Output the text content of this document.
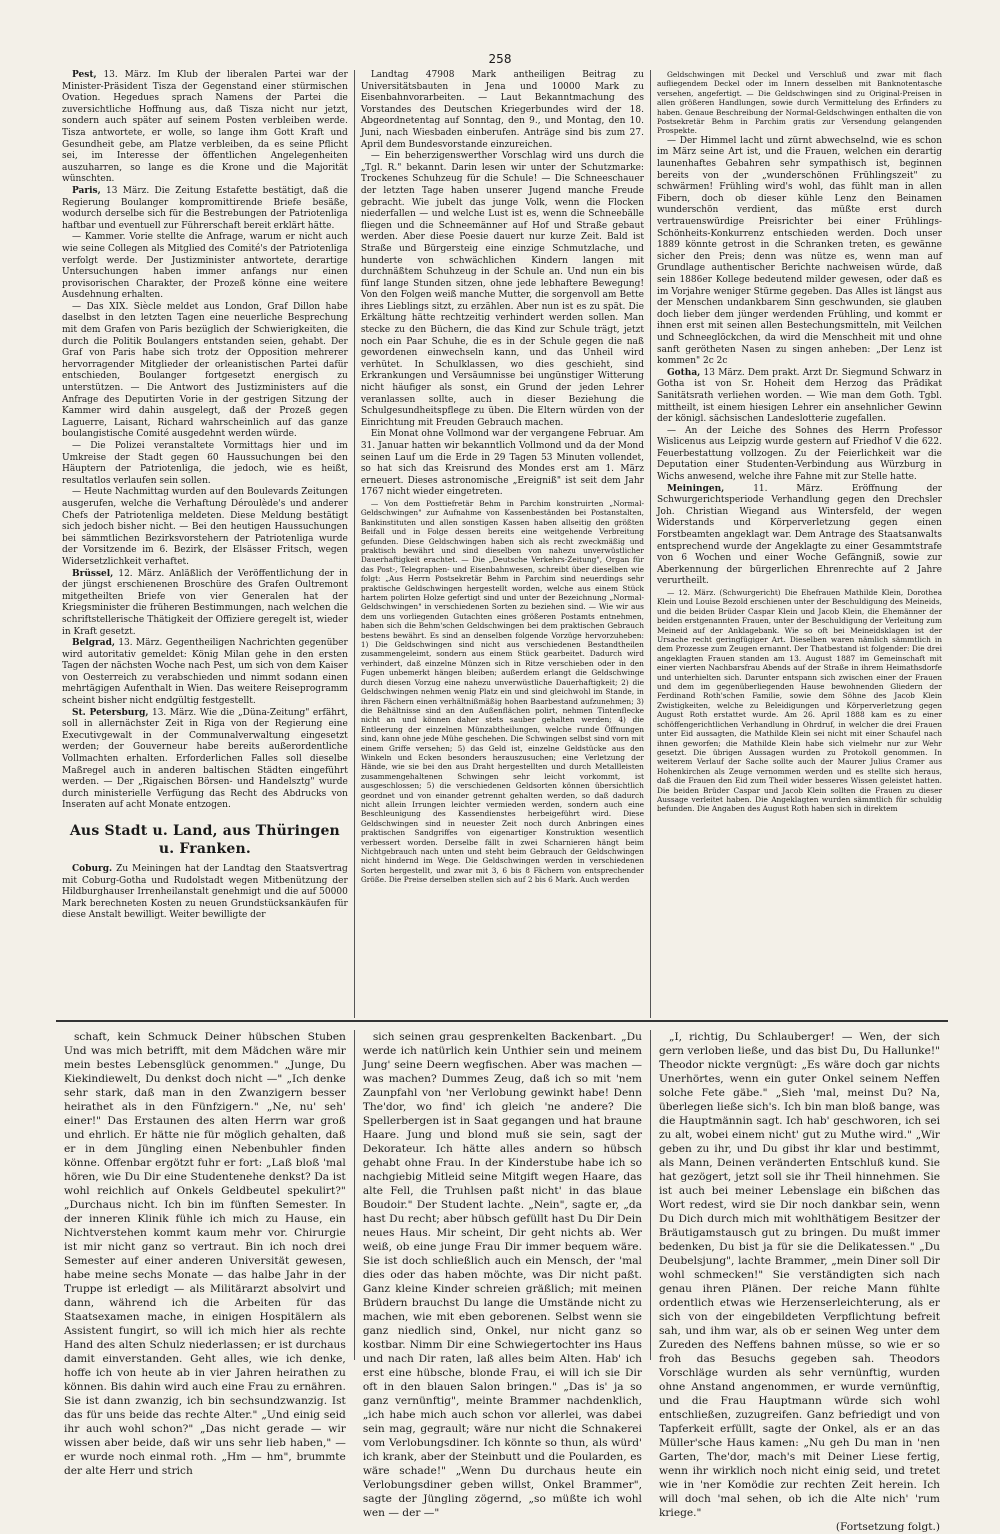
258

Pest, 13. März. Im Klub der liberalen Partei war der Minister-Präsident Tisza der Gegenstand einer stürmischen Ovation. Hegedues sprach Namens der Partei die zuversichtliche Hoffnung aus, daß Tisza nicht nur jetzt, sondern auch später auf seinem Posten verbleiben werde. Tisza antwortete, er wolle, so lange ihm Gott Kraft und Gesundheit gebe, am Platze verbleiben, da es seine Pflicht sei, im Interesse der öffentlichen Angelegenheiten auszuharren, so lange es die Krone und die Majorität wünschten.

Paris, 13 März. Die Zeitung Estafette bestätigt, daß die Regierung Boulanger kompromittirende Briefe besäße, wodurch derselbe sich für die Bestrebungen der Patriotenliga haftbar und eventuell zur Führerschaft bereit erklärt hätte.

— Kammer. Vorie stellte die Anfrage, warum er nicht auch wie seine Collegen als Mitglied des Comité's der Patriotenliga verfolgt werde. Der Justizminister antwortete, derartige Untersuchungen haben immer anfangs nur einen provisorischen Charakter, der Prozeß könne eine weitere Ausdehnung erhalten.

— Das XIX. Siècle meldet aus London, Graf Dillon habe daselbst in den letzten Tagen eine neuerliche Besprechung mit dem Grafen von Paris bezüglich der Schwierigkeiten, die durch die Politik Boulangers entstanden seien, gehabt. Der Graf von Paris habe sich trotz der Opposition mehrerer hervorragender Mitglieder der orleanistischen Partei dafür entschieden, Boulanger fortgesetzt energisch zu unterstützen. — Die Antwort des Justizministers auf die Anfrage des Deputirten Vorie in der gestrigen Sitzung der Kammer wird dahin ausgelegt, daß der Prozeß gegen Laguerre, Laisant, Richard wahrscheinlich auf das ganze boulangistische Comité ausgedehnt werden würde.

— Die Polizei veranstaltete Vormittags hier und im Umkreise der Stadt gegen 60 Haussuchungen bei den Häuptern der Patriotenliga, die jedoch, wie es heißt, resultatlos verlaufen sein sollen.

— Heute Nachmittag wurden auf den Boulevards Zeitungen ausgerufen, welche die Verhaftung Déroulède's und anderer Chefs der Patriotenliga meldeten. Diese Meldung bestätigt sich jedoch bisher nicht. — Bei den heutigen Haussuchungen bei sämmtlichen Bezirksvorstehern der Patriotenliga wurde der Vorsitzende im 6. Bezirk, der Elsässer Fritsch, wegen Widersetzlichkeit verhaftet.

Brüssel, 12. März. Anläßlich der Veröffentlichung der in der jüngst erschienenen Broschüre des Grafen Oultremont mitgetheilten Briefe von vier Generalen hat der Kriegsminister die früheren Bestimmungen, nach welchen die schriftstellerische Thätigkeit der Offiziere geregelt ist, wieder in Kraft gesetzt.

Belgrad, 13. März. Gegentheiligen Nachrichten gegenüber wird autoritativ gemeldet: König Milan gehe in den ersten Tagen der nächsten Woche nach Pest, um sich von dem Kaiser von Oesterreich zu verabschieden und nimmt sodann einen mehrtägigen Aufenthalt in Wien. Das weitere Reiseprogramm scheint bisher nicht endgültig festgestellt.

St. Petersburg, 13. März. Wie die „Düna-Zeitung" erfährt, soll in allernächster Zeit in Riga von der Regierung eine Executivgewalt in der Communalverwaltung eingesetzt werden; der Gouverneur habe bereits außerordentliche Vollmachten erhalten. Erforderlichen Falles soll dieselbe Maßregel auch in anderen baltischen Städten eingeführt werden. — Der „Rigaischen Börsen- und Handelsztg" wurde durch ministerielle Verfügung das Recht des Abdrucks von Inseraten auf acht Monate entzogen.

Aus Stadt u. Land, aus Thüringen u. Franken.

Coburg. Zu Meiningen hat der Landtag den Staatsvertrag mit Coburg-Gotha und Rudolstadt wegen Mitbenützung der Hildburghauser Irrenheilanstalt genehmigt und die auf 50000 Mark berechneten Kosten zu neuen Grundstücksankäufen für diese Anstalt bewilligt. Weiter bewilligte der

Landtag 47908 Mark antheiligen Beitrag zu Universitätsbauten in Jena und 10000 Mark zu Eisenbahnvorarbeiten. — Laut Bekanntmachung des Vorstandes des Deutschen Kriegerbundes wird der 18. Abgeordnetentag auf Sonntag, den 9., und Montag, den 10. Juni, nach Wiesbaden einberufen. Anträge sind bis zum 27. April dem Bundesvorstande einzureichen.

— Ein beherzigenswerther Vorschlag wird uns durch die „Tgl. R." bekannt. Darin lesen wir unter der Schutzmarke: Trockenes Schuhzeug für die Schule! — Die Schneeschauer der letzten Tage haben unserer Jugend manche Freude gebracht. Wie jubelt das junge Volk, wenn die Flocken niederfallen — und welche Lust ist es, wenn die Schneebälle fliegen und die Schneemänner auf Hof und Straße gebaut werden. Aber diese Poesie dauert nur kurze Zeit. Bald ist Straße und Bürgersteig eine einzige Schmutzlache, und hunderte von schwächlichen Kindern langen mit durchnäßtem Schuhzeug in der Schule an. Und nun ein bis fünf lange Stunden sitzen, ohne jede lebhaftere Bewegung! Von den Folgen weiß manche Mutter, die sorgenvoll am Bette ihres Lieblings sitzt, zu erzählen. Aber nun ist es zu spät. Die Erkältung hätte rechtzeitig verhindert werden sollen. Man stecke zu den Büchern, die das Kind zur Schule trägt, jetzt noch ein Paar Schuhe, die es in der Schule gegen die naß gewordenen einwechseln kann, und das Unheil wird verhütet. In Schulklassen, wo dies geschieht, sind Erkrankungen und Versäumnisse bei ungünstiger Witterung nicht häufiger als sonst, ein Grund der jeden Lehrer veranlassen sollte, auch in dieser Beziehung die Schulgesundheitspflege zu üben. Die Eltern würden von der Einrichtung mit Freuden Gebrauch machen.

Ein Monat ohne Vollmond war der vergangene Februar. Am 31. Januar hatten wir bekanntlich Vollmond und da der Mond seinen Lauf um die Erde in 29 Tagen 53 Minuten vollendet, so hat sich das Kreisrund des Mondes erst am 1. März erneuert. Dieses astronomische „Ereigniß" ist seit dem Jahr 1767 nicht wieder eingetreten.

— Von dem Posttiefretär Behm in Parchim konstruirten „Normal-Geldschwingen" zur Aufnahme von Kassenbeständen bei Postanstalten, Bankinstituten und allen sonstigen Kassen haben allseitig den größten Beifall und in Folge dessen bereits eine weitgehende Verbreitung gefunden. Diese Geldschwingen haben sich als recht zweckmäßig und praktisch bewährt und sind dieselben von nahezu unverwüstlicher Dauerhaftigkeit erachtet. — Die „Deutsche Verkehrs-Zeitung", Organ für das Post-, Telegraphen- und Eisenbahnwesen, schreibt über dieselben wie folgt: „Aus Herrn Postsekretär Behm in Parchim sind neuerdings sehr praktische Geldschwingen hergestellt worden, welche aus einem Stück hartem polirten Holze gefertigt sind und unter der Bezeichnung „Normal-Geldschwingen" in verschiedenen Sorten zu beziehen sind. — Wie wir aus dem uns vorliegenden Gutachten eines größeren Postamts entnehmen, haben sich die Behm'schen Geldschwingen bei dem praktischen Gebrauch bestens bewährt. Es sind an denselben folgende Vorzüge hervorzuheben: 1) Die Geldschwingen sind nicht aus verschiedenen Bestandtheilen zusammengeleimt, sondern aus einem Stück gearbeitet. Dadurch wird verhindert, daß einzelne Münzen sich in Ritze verschieben oder in den Fugen unbemerkt hängen bleiben; außerdem erlangt die Geldschwinge durch diesen Vorzug eine nahezu unverwüstliche Dauerhaftigkeit; 2) die Geldschwingen nehmen wenig Platz ein und sind gleichwohl im Stande, in ihren Fächern einen verhältnißmäßig hohen Baarbestand aufzunehmen; 3) die Behältnisse sind an den Außenflächen polirt, nehmen Tintenflecke nicht an und können daher stets sauber gehalten werden; 4) die Entleerung der einzelnen Münzabtheilungen, welche runde Öffnungen sind, kann ohne jede Mühe geschehen. Die Schwingen selbst sind vorn mit einem Griffe versehen; 5) das Geld ist, einzelne Geldstücke aus den Winkeln und Ecken besonders herauszusuchen; eine Verletzung der Hände, wie sie bei den aus Draht hergestellten und durch Metallleisten zusammengehaltenen Schwingen sehr leicht vorkommt, ist ausgeschlossen; 5) die verschiedenen Geldsorten können übersichtlich geordnet und von einander getrennt gehalten werden, so daß dadurch nicht allein Irrungen leichter vermieden werden, sondern auch eine Beschleunigung des Kassendienstes herbeigeführt wird. Diese Geldschwingen sind in neuester Zeit noch durch Anbringen eines praktischen Sandgriffes von eigenartiger Konstruktion wesentlich verbessert worden. Derselbe fällt in zwei Scharnieren hängt beim Nichtgebrauch nach unten und steht beim Gebrauch der Geldschwingen nicht hindernd im Wege. Die Geldschwingen werden in verschiedenen Sorten hergestellt, und zwar mit 3, 6 bis 8 Fächern von entsprechender Größe. Die Preise derselben stellen sich auf 2 bis 6 Mark. Auch werden

Geldschwingen mit Deckel und Verschluß und zwar mit flach aufliegendem Deckel oder im Innern desselben mit Banknotentasche versehen, angefertigt. — Die Geldschwingen sind zu Original-Preisen in allen größeren Handlungen, sowie durch Vermittelung des Erfinders zu haben. Genaue Beschreibung der Normal-Geldschwingen enthalten die von Postsekretär Behm in Parchim gratis zur Versendung gelangenden Prospekte.

— Der Himmel lacht und zürnt abwechselnd, wie es schon im März seine Art ist, und die Frauen, welchen ein derartig launenhaftes Gebahren sehr sympathisch ist, beginnen bereits von der „wunderschönen Frühlingszeit" zu schwärmen! Frühling wird's wohl, das fühlt man in allen Fibern, doch ob dieser kühle Lenz den Beinamen wunderschön verdient, das müßte erst durch vertrauenswürdige Preisrichter bei einer Frühlings-Schönheits-Konkurrenz entschieden werden. Doch unser 1889 könnte getrost in die Schranken treten, es gewänne sicher den Preis; denn was nütze es, wenn man auf Grundlage authentischer Berichte nachweisen würde, daß sein 1886er Kollege bedeutend milder gewesen, oder daß es im Vorjahre weniger Stürme gegeben. Das Alles ist längst aus der Menschen undankbarem Sinn geschwunden, sie glauben doch lieber dem jünger werdenden Frühling, und kommt er ihnen erst mit seinen allen Bestechungsmitteln, mit Veilchen und Schneeglöckchen, da wird die Menschheit mit und ohne sanft gerötheten Nasen zu singen anheben: „Der Lenz ist kommen" 2c 2c

Gotha, 13 März. Dem prakt. Arzt Dr. Siegmund Schwarz in Gotha ist von Sr. Hoheit dem Herzog das Prädikat Sanitätsrath verliehen worden. — Wie man dem Goth. Tgbl. mittheilt, ist einem hiesigen Lehrer ein ansehnlicher Gewinn der königl. sächsischen Landeslotterie zugefallen.

— An der Leiche des Sohnes des Herrn Professor Wislicenus aus Leipzig wurde gestern auf Friedhof V die 622. Feuerbestattung vollzogen. Zu der Feierlichkeit war die Deputation einer Studenten-Verbindung aus Würzburg in Wichs anwesend, welche ihre Fahne mit zur Stelle hatte.

Meiningen,	11. März. Eröffnung der Schwurgerichtsperiode Verhandlung gegen den Drechsler Joh. Christian Wiegand aus Wintersfeld, der wegen Widerstands und Körperverletzung gegen einen Forstbeamten angeklagt war. Dem Antrage des Staatsanwalts entsprechend wurde der Angeklagte zu einer Gesammtstrafe von 6 Wochen und einer Woche Gefängniß, sowie zur Aberkennung der bürgerlichen Ehrenrechte auf 2 Jahre verurtheilt.

— 12. März. (Schwurgericht) Die Ehefrauen Mathilde Klein, Dorothea Klein und Louise Bezold erschienen unter der Beschuldigung des Meineids, und die beiden Brüder Caspar Klein und Jacob Klein, die Ehemänner der beiden erstgenannten Frauen, unter der Beschuldigung der Verleitung zum Meineid auf der Anklagebank. Wie so oft bei Meineidsklagen ist der Ursache recht geringfügiger Art. Dieselben waren nämlich sämmtlich in dem Prozesse zum Zeugen ernannt. Der Thatbestand ist folgender: Die drei angeklagten Frauen standen am 13. August 1887 im Gemeinschaft mit einer vierten Nachbarsfrau Abends auf der Straße in ihrem Heimathsdorfe und unterhielten sich. Darunter entspann sich zwischen einer der Frauen und dem im gegenüberliegenden Hause bewohnenden Gliedern der Ferdinand Roth'schen Familie, sowie dem Söhne des Jacob Klein Zwistigkeiten, welche zu Beleidigungen und Körperverletzung gegen August Roth erstattet wurde. Am 26. April 1888 kam es zu einer schöffengerichtlichen Verhandlung in Ohrdruf, in welcher die drei Frauen unter Eid aussagten, die Mathilde Klein sei nicht mit einer Schaufel nach ihnen geworfen; die Mathilde Klein habe sich vielmehr nur zur Wehr gesetzt. Die übrigen Aussagen wurden zu Protokoll genommen. In weiterem Verlauf der Sache sollte auch der Maurer Julius Cramer aus Hohenkirchen als Zeuge vernommen werden und es stellte sich heraus, daß die Frauen den Eid zum Theil wider besseres Wissen geleistet hatten. Die beiden Brüder Caspar und Jacob Klein sollten die Frauen zu dieser Aussage verleitet haben. Die Angeklagten wurden sämmtlich für schuldig befunden. Die Angaben des August Roth haben sich in direktem

schaft, kein Schmuck Deiner hübschen Stuben Und was mich betrifft, mit dem Mädchen wäre mir mein bestes Lebensglück genommen." „Junge, Du Kiekindiewelt, Du denkst doch nicht —" „Ich denke sehr stark, daß man in den Zwanzigern besser heirathet als in den Fünfzigern." „Ne, nu' seh' einer!" Das Erstaunen des alten Herrn war groß und ehrlich. Er hätte nie für möglich gehalten, daß er in dem Jüngling einen Nebenbuhler finden könne. Offenbar ergötzt fuhr er fort: „Laß bloß 'mal hören, wie Du Dir eine Studentenehe denkst? Da ist wohl reichlich auf Onkels Geldbeutel spekulirt?" „Durchaus nicht. Ich bin im fünften Semester. In der inneren Klinik fühle ich mich zu Hause, ein Nichtverstehen kommt kaum mehr vor. Chirurgie ist mir nicht ganz so vertraut. Bin ich noch drei Semester auf einer anderen Universität gewesen, habe meine sechs Monate — das halbe Jahr in der Truppe ist erledigt — als Militärarzt absolvirt und dann, während ich die Arbeiten für das Staatsexamen mache, in einigen Hospitälern als Assistent fungirt, so will ich mich hier als rechte Hand des alten Schulz niederlassen; er ist durchaus damit einverstanden. Geht alles, wie ich denke, hoffe ich von heute ab in vier Jahren heirathen zu können. Bis dahin wird auch eine Frau zu ernähren. Sie ist dann zwanzig, ich bin sechsundzwanzig. Ist das für uns beide das rechte Alter." „Und einig seid ihr auch wohl schon?" „Das nicht gerade — wir wissen aber beide, daß wir uns sehr lieb haben," — er wurde noch einmal roth. „Hm — hm", brummte der alte Herr und strich

sich seinen grau gesprenkelten Backenbart. „Du werde ich natürlich kein Unthier sein und meinem Jung' seine Deern wegfischen. Aber was machen — was machen? Dummes Zeug, daß ich so mit 'nem Zaunpfahl von 'ner Verlobung gewinkt habe! Denn The'dor, wo find' ich gleich 'ne andere? Die Spellerbergen ist in Saat gegangen und hat braune Haare. Jung und blond muß sie sein, sagt der Dekorateur. Ich hätte alles andern so hübsch gehabt ohne Frau. In der Kinderstube habe ich so nachgiebig Mitleid seine Mitgift wegen Haare, das alte Fell, die Truhlsen paßt nicht' in das blaue Boudoir." Der Student lachte. „Nein", sagte er, „da hast Du recht; aber hübsch gefüllt hast Du Dir Dein neues Haus. Mir scheint, Dir geht nichts ab. Wer weiß, ob eine junge Frau Dir immer bequem wäre. Sie ist doch schließlich auch ein Mensch, der 'mal dies oder das haben möchte, was Dir nicht paßt. Ganz kleine Kinder schreien gräßlich; mit meinen Brüdern brauchst Du lange die Umstände nicht zu machen, wie mit eben geborenen. Selbst wenn sie ganz niedlich sind, Onkel, nur nicht ganz so kostbar. Nimm Dir eine Schwiegertochter ins Haus und nach Dir raten, laß alles beim Alten. Hab' ich erst eine hübsche, blonde Frau, ei will ich sie Dir oft in den blauen Salon bringen." „Das is' ja so ganz vernünftig", meinte Brammer nachdenklich, „ich habe mich auch schon vor allerlei, was dabei sein mag, gegrault; wäre nur nicht die Schnakerei vom Verlobungsdiner. Ich könnte so thun, als würd' ich krank, aber der Steinbutt und die Poularden, es wäre schade!" „Wenn Du durchaus heute ein Verlobungsdiner geben willst, Onkel Brammer", sagte der Jüngling zögernd, „so müßte ich wohl wen — der —"

„I, richtig, Du Schlauberger! — Wen, der sich gern verloben ließe, und das bist Du, Du Hallunke!" Theodor nickte vergnügt: „Es wäre doch gar nichts Unerhörtes, wenn ein guter Onkel seinem Neffen solche Fete gäbe." „Sieh 'mal, meinst Du? Na, überlegen ließe sich's. Ich bin man bloß bange, was die Hauptmännin sagt. Ich hab' geschworen, ich sei zu alt, wobei einem nicht' gut zu Muthe wird." „Wir geben zu ihr, und Du gibst ihr klar und bestimmt, als Mann, Deinen veränderten Entschluß kund. Sie hat gezögert, jetzt soll sie ihr Theil hinnehmen. Sie ist auch bei meiner Lebenslage ein bißchen das Wort redest, wird sie Dir noch dankbar sein, wenn Du Dich durch mich mit wohlthätigem Besitzer der Bräutigamstausch gut zu bringen. Du mußt immer bedenken, Du bist ja für sie die Delikatessen." „Du Deubelsjung", lachte Brammer, „mein Diner soll Dir wohl schmecken!" Sie verständigten sich nach genau ihren Plänen. Der reiche Mann fühlte ordentlich etwas wie Herzenserleichterung, als er sich von der eingebildeten Verpflichtung befreit sah, und ihm war, als ob er seinen Weg unter dem Zureden des Neffens bahnen müsse, so wie er so froh das Besuchs gegeben sah. Theodors Vorschläge wurden als sehr vernünftig, wurden ohne Anstand angenommen, er wurde vernünftig, und die Frau Hauptmann würde sich wohl entschließen, zuzugreifen. Ganz befriedigt und von Tapferkeit erfüllt, sagte der Onkel, als er an das Müller'sche Haus kamen: „Nu geh Du man in 'nen Garten, The'dor, mach's mit Deiner Liese fertig, wenn ihr wirklich noch nicht einig seid, und tretet wie in 'ner Komödie zur rechten Zeit herein. Ich will doch 'mal sehen, ob ich die Alte nich' 'rum kriege."

(Fortsetzung folgt.)
